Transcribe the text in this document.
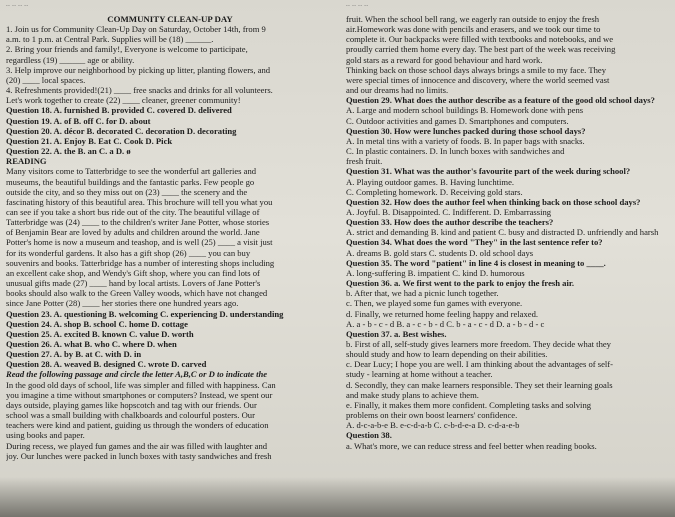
-- -- -- --

COMMUNITY CLEAN-UP DAY

1. Join us for Community Clean-Up Day on Saturday, October 14th, from 9

a.m. to 1 p.m. at Central Park. Supplies will be (18) ______.

2. Bring your friends and family!, Everyone is welcome to participate,

regardless (19) ______ age or ability.

3. Help improve our neighborhood by picking up litter, planting flowers, and

(20) ____ local spaces.

4. Refreshments provided!(21) ____ free snacks and drinks for all volunteers.

Let's work together to create (22) ____ cleaner, greener community!

Question 18. A. furnished B. provided C. covered D. delivered

Question 19. A. of B. off C. for D. about

Question 20. A. décor B. decorated C. decoration D. decorating

Question 21. A. Enjoy B. Eat C. Cook D. Pick

Question 22. A. the B. an C. a D. ø

READING

Many visitors come to Tatterbridge to see the wonderful art galleries and

museums, the beautiful buildings and the fantastic parks. Few people go

outside the city, and so they miss out on (23) ____ the scenery and the

fascinating history of this beautiful area. This brochure will tell you what you

can see if you take a short bus ride out of the city. The beautiful village of

Tatterbridge was (24) ____ to the children's writer Jane Potter, whose stories

of Benjamin Bear are loved by adults and children around the world. Jane

Potter's home is now a museum and teashop, and is well (25) ____ a visit just

for its wonderful gardens. It also has a gift shop (26) ____ you can buy

souvenirs and books. Tatterbridge has a number of interesting shops including

an excellent cake shop, and Wendy's Gift shop, where you can find lots of

unusual gifts made (27) ____ hand by local artists. Lovers of Jane Potter's

books should also walk to the Green Valley woods, which have not changed

since Jane Potter (28) ____ her stories there one hundred years ago.

Question 23. A. questioning B. welcoming C. experiencing D. understanding

Question 24. A. shop B. school C. home D. cottage

Question 25. A. excited B. known C. value D. worth

Question 26. A. what B. who C. where D. when

Question 27. A. by B. at C. with D. in

Question 28. A. weaved B. designed C. wrote D. carved

Read the following passage and circle the letter A,B,C or D to indicate the

In the good old days of school, life was simpler and filled with happiness. Can

you imagine a time without smartphones or computers? Instead, we spent our

days outside, playing games like hopscotch and tag with our friends. Our

school was a small building with chalkboards and colourful posters. Our

teachers were kind and patient, guiding us through the wonders of education

using books and paper.

During recess, we played fun games and the air was filled with laughter and

joy. Our lunches were packed in lunch boxes with tasty sandwiches and fresh

-- -- -- --

fruit. When the school bell rang, we eagerly ran outside to enjoy the fresh

air.Homework was done with pencils and erasers, and we took our time to

complete it. Our backpacks were filled with textbooks and notebooks, and we

proudly carried them home every day. The best part of the week was receiving

gold stars as a reward for good behaviour and hard work.

Thinking back on those school days always brings a smile to my face. They

were special times of innocence and discovery, where the world seemed vast

and our dreams had no limits.

Question 29. What does the author describe as a feature of the good old school days?

A. Large and modern school buildings B. Homework done with pens

C. Outdoor activities and games D. Smartphones and computers.

Question 30. How were lunches packed during those school days?

A. In metal tins with a variety of foods. B. In paper bags with snacks.

C. In plastic containers. D. In lunch boxes with sandwiches and

fresh fruit.

Question 31. What was the author's favourite part of the week during school?

A. Playing outdoor games. B. Having lunchtime.

C. Completing homework. D. Receiving gold stars.

Question 32. How does the author feel when thinking back on those school days?

A. Joyful. B. Disappointed. C. Indifferent. D. Embarrassing

Question 33. How does the author describe the teachers?

A. strict and demanding B. kind and patient C. busy and distracted D. unfriendly and harsh

Question 34. What does the word "They" in the last sentence refer to?

A. dreams B. gold stars C. students D. old school days

Question 35. The word "patient" in line 4 is closest in meaning to ____.

A. long-suffering B. impatient C. kind D. humorous

Question 36. a. We first went to the park to enjoy the fresh air.

b. After that, we had a picnic lunch together.

c. Then, we played some fun games with everyone.

d. Finally, we returned home feeling happy and relaxed.

A. a - b - c - d B. a - c - b - d C. b - a - c - d D. a - b - d - c

Question 37. a. Best wishes.

b. First of all, self-study gives learners more freedom. They decide what they

should study and how to learn depending on their abilities.

c. Dear Lucy; I hope you are well. I am thinking about the advantages of self-

study - learning at home without a teacher.

d. Secondly, they can make learners responsible. They set their learning goals

and make study plans to achieve them.

e. Finally, it makes them more confident. Completing tasks and solving

problems on their own boost learners' confidence.

A. d-c-a-b-e B. e-c-d-a-b C. c-b-d-e-a D. c-d-a-e-b

Question 38.

a. What's more, we can reduce stress and feel better when reading books.
